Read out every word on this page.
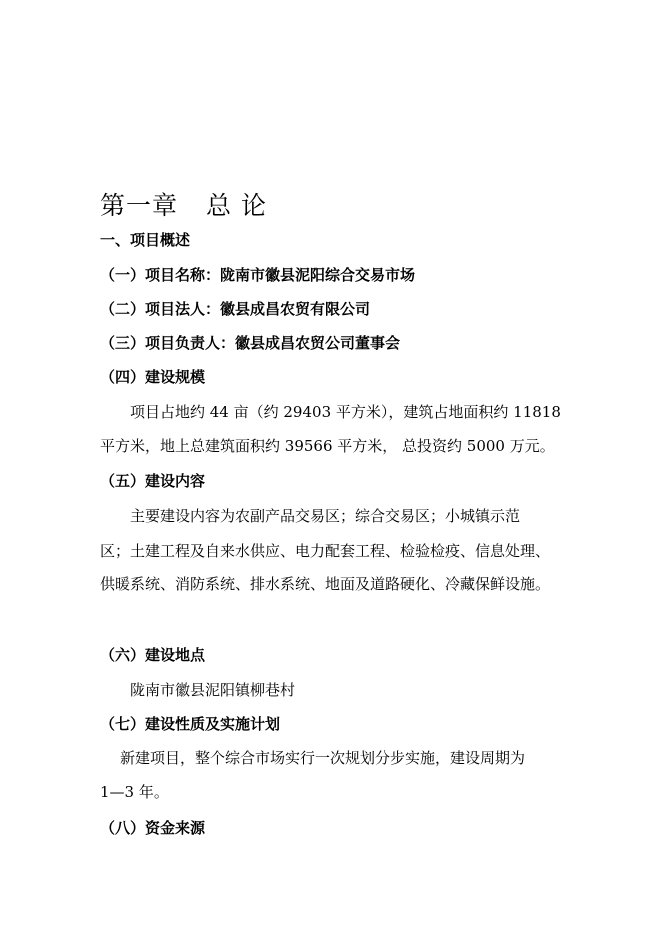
第一章 总 论
一、项目概述
（一）项目名称：陇南市徽县泥阳综合交易市场
（二）项目法人：徽县成昌农贸有限公司
（三）项目负责人：徽县成昌农贸公司董事会
（四）建设规模
项目占地约 44 亩（约 29403 平方米），建筑占地面积约 11818
平方米，地上总建筑面积约 39566 平方米， 总投资约 5000 万元。
（五）建设内容
主要建设内容为农副产品交易区；综合交易区；小城镇示范
区；土建工程及自来水供应、电力配套工程、检验检疫、信息处理、
供暖系统、消防系统、排水系统、地面及道路硬化、冷藏保鲜设施。
（六）建设地点
陇南市徽县泥阳镇柳巷村
（七）建设性质及实施计划
新建项目，整个综合市场实行一次规划分步实施，建设周期为
1—3 年。
（八）资金来源
